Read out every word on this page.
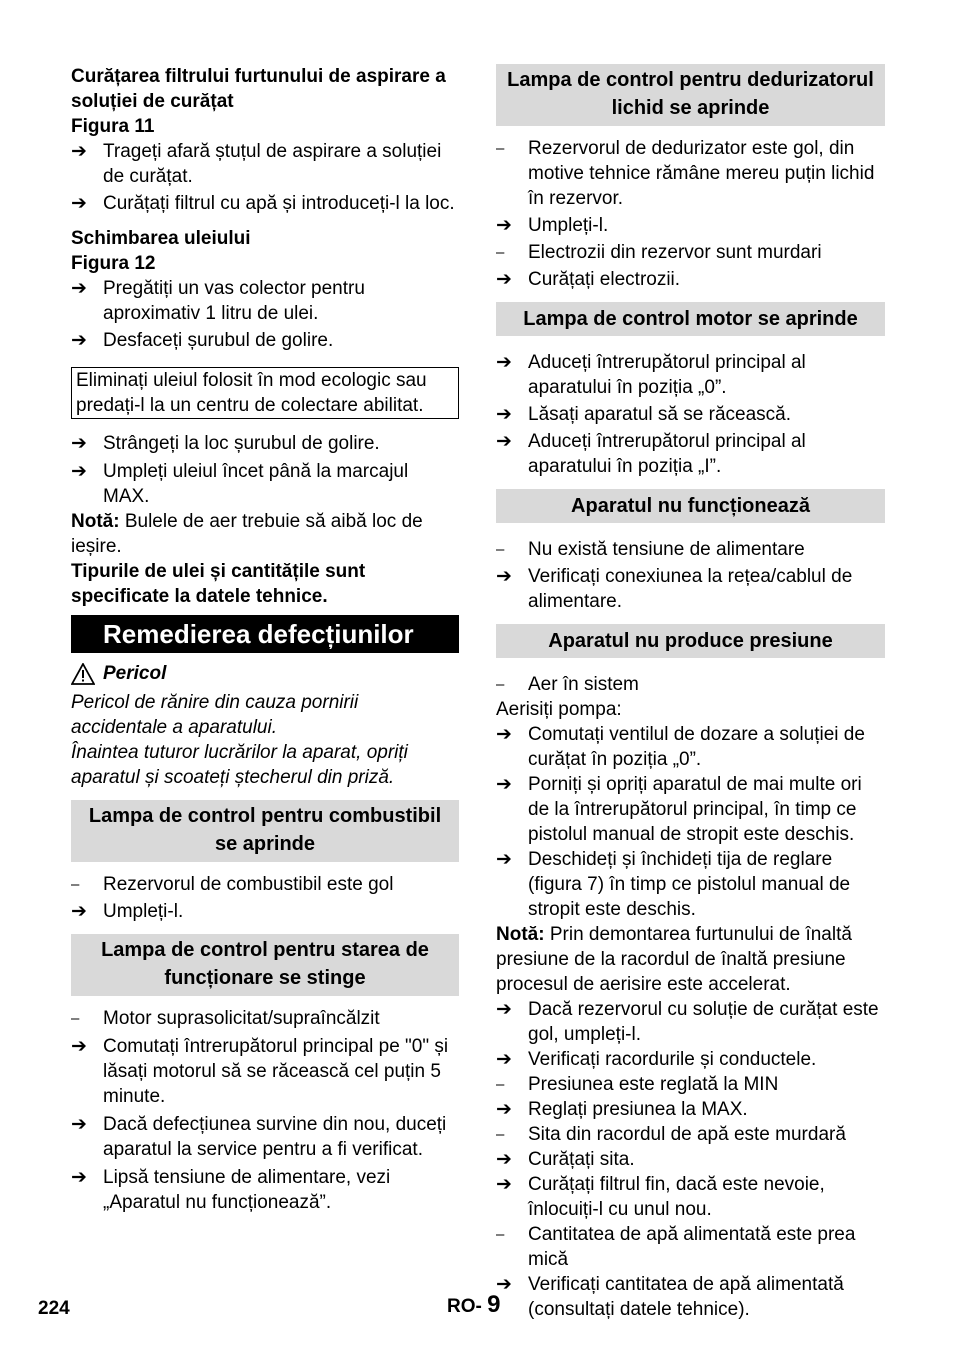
Curățarea filtrului furtunului de aspirare a soluției de curățat

Figura 11

➔ Trageți afară ștuțul de aspirare a soluției de curățat.
➔ Curățați filtrul cu apă și introduceți-l la loc.

Schimbarea uleiului

Figura 12

➔ Pregătiți un vas colector pentru aproximativ 1 litru de ulei.
➔ Desfaceți șurubul de golire.
Eliminați uleiul folosit în mod ecologic sau predați-l la un centru de colectare abilitat.
➔ Strângeți la loc șurubul de golire.
➔ Umpleți uleiul încet până la marcajul MAX.

Notă: Bulele de aer trebuie să aibă loc de ieșire.

Tipurile de ulei și cantitățile sunt specificate la datele tehnice.

Remedierea defecțiunilor
Pericol

Pericol de rănire din cauza pornirii accidentale a aparatului.

Înaintea tuturor lucrărilor la aparat, opriți aparatul și scoateți ștecherul din priză.

Lampa de control pentru combustibil se aprinde
–	Rezervorul de combustibil este gol
➔ Umpleți-l.
Lampa de control pentru starea de funcționare se stinge
–	Motor suprasolicitat/supraîncălzit
➔ Comutați întrerupătorul principal pe "0" și lăsați motorul să se răcească cel puțin 5 minute.
➔ Dacă defecțiunea survine din nou, duceți aparatul la service pentru a fi verificat.
➔ Lipsă tensiune de alimentare, vezi „Aparatul nu funcționează”.
Lampa de control pentru dedurizatorul lichid se aprinde
–	Rezervorul de dedurizator este gol, din motive tehnice rămâne mereu puțin lichid în rezervor.
➔ Umpleți-l.
–	Electrozii din rezervor sunt murdari
➔ Curățați electrozii.
Lampa de control motor se aprinde
➔ Aduceți întrerupătorul principal al aparatului în poziția „0”.
➔ Lăsați aparatul să se răcească.
➔ Aduceți întrerupătorul principal al aparatului în poziția „I”.
Aparatul nu funcționează
–	Nu există tensiune de alimentare
➔ Verificați conexiunea la rețea/cablul de alimentare.
Aparatul nu produce presiune
–	Aer în sistem

Aerisiți pompa:

➔ Comutați ventilul de dozare a soluției de curățat în poziția „0”.
➔ Porniți și opriți aparatul de mai multe ori de la întrerupătorul principal, în timp ce pistolul manual de stropit este deschis.
➔ Deschideți și închideți tija de reglare (figura 7) în timp ce pistolul manual de stropit este deschis.

Notă: Prin demontarea furtunului de înaltă presiune de la racordul de înaltă presiune procesul de aerisire este accelerat.

➔ Dacă rezervorul cu soluție de curățat este gol, umpleți-l.
➔ Verificați racordurile și conductele.
–	Presiunea este reglată la MIN
➔ Reglați presiunea la MAX.
–	Sita din racordul de apă este murdară
➔ Curățați sita.
➔ Curățați filtrul fin, dacă este nevoie, înlocuiți-l cu unul nou.
–	Cantitatea de apă alimentată este prea mică
➔ Verificați cantitatea de apă alimentată (consultați datele tehnice).
224	RO- 9
